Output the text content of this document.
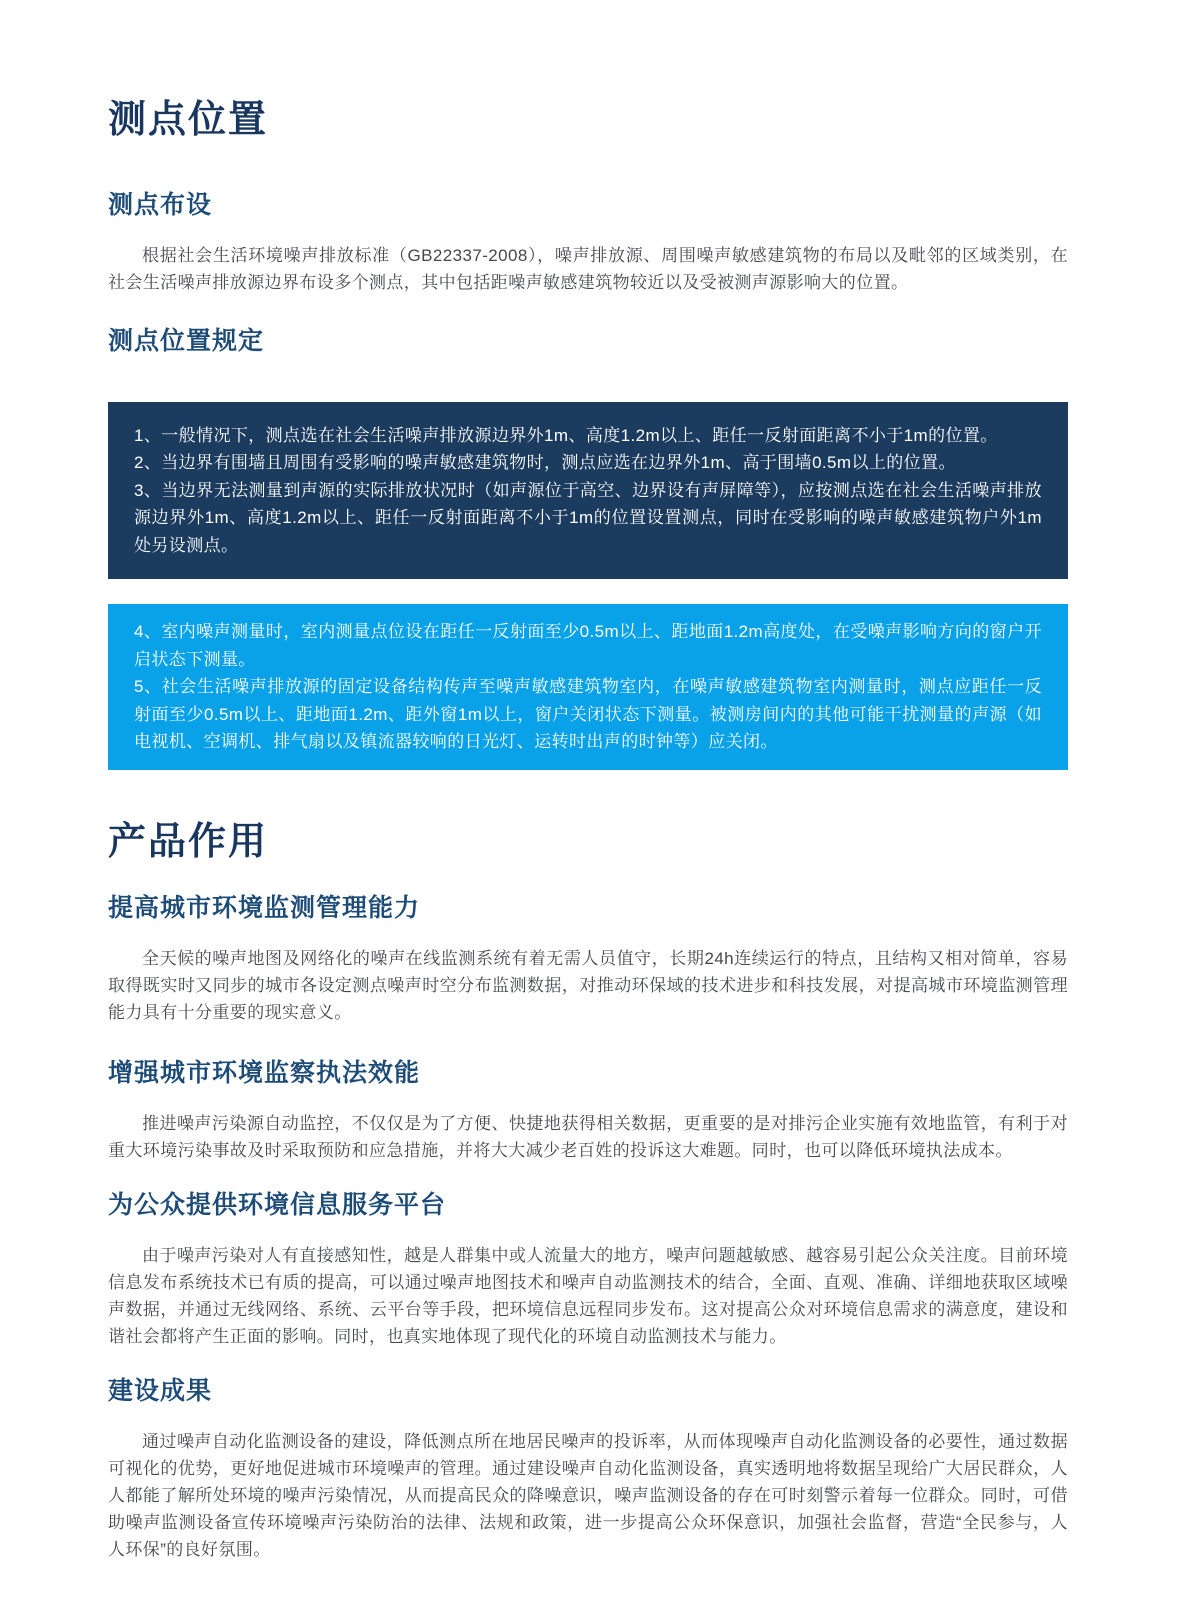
测点位置
测点布设

根据社会生活环境噪声排放标准（GB22337-2008），噪声排放源、周围噪声敏感建筑物的布局以及毗邻的区域类别，在社会生活噪声排放源边界布设多个测点，其中包括距噪声敏感建筑物较近以及受被测声源影响大的位置。

测点位置规定

1、一般情况下，测点选在社会生活噪声排放源边界外1m、高度1.2m以上、距任一反射面距离不小于1m的位置。

2、当边界有围墙且周围有受影响的噪声敏感建筑物时，测点应选在边界外1m、高于围墙0.5m以上的位置。

3、当边界无法测量到声源的实际排放状况时（如声源位于高空、边界设有声屏障等），应按测点选在社会生活噪声排放源边界外1m、高度1.2m以上、距任一反射面距离不小于1m的位置设置测点，同时在受影响的噪声敏感建筑物户外1m处另设测点。

4、室内噪声测量时，室内测量点位设在距任一反射面至少0.5m以上、距地面1.2m高度处，在受噪声影响方向的窗户开启状态下测量。

5、社会生活噪声排放源的固定设备结构传声至噪声敏感建筑物室内，在噪声敏感建筑物室内测量时，测点应距任一反射面至少0.5m以上、距地面1.2m、距外窗1m以上，窗户关闭状态下测量。被测房间内的其他可能干扰测量的声源（如电视机、空调机、排气扇以及镇流器较响的日光灯、运转时出声的时钟等）应关闭。

产品作用
提高城市环境监测管理能力

全天候的噪声地图及网络化的噪声在线监测系统有着无需人员值守，长期24h连续运行的特点，且结构又相对简单，容易取得既实时又同步的城市各设定测点噪声时空分布监测数据，对推动环保域的技术进步和科技发展，对提高城市环境监测管理能力具有十分重要的现实意义。

增强城市环境监察执法效能

推进噪声污染源自动监控，不仅仅是为了方便、快捷地获得相关数据，更重要的是对排污企业实施有效地监管，有利于对重大环境污染事故及时采取预防和应急措施，并将大大减少老百姓的投诉这大难题。同时，也可以降低环境执法成本。

为公众提供环境信息服务平台

由于噪声污染对人有直接感知性，越是人群集中或人流量大的地方，噪声问题越敏感、越容易引起公众关注度。目前环境信息发布系统技术已有质的提高，可以通过噪声地图技术和噪声自动监测技术的结合，全面、直观、准确、详细地获取区域噪声数据，并通过无线网络、系统、云平台等手段，把环境信息远程同步发布。这对提高公众对环境信息需求的满意度，建设和谐社会都将产生正面的影响。同时，也真实地体现了现代化的环境自动监测技术与能力。

建设成果

通过噪声自动化监测设备的建设，降低测点所在地居民噪声的投诉率，从而体现噪声自动化监测设备的必要性，通过数据可视化的优势，更好地促进城市环境噪声的管理。通过建设噪声自动化监测设备，真实透明地将数据呈现给广大居民群众，人人都能了解所处环境的噪声污染情况，从而提高民众的降噪意识，噪声监测设备的存在可时刻警示着每一位群众。同时，可借助噪声监测设备宣传环境噪声污染防治的法律、法规和政策，进一步提高公众环保意识，加强社会监督，营造“全民参与，人人环保”的良好氛围。
